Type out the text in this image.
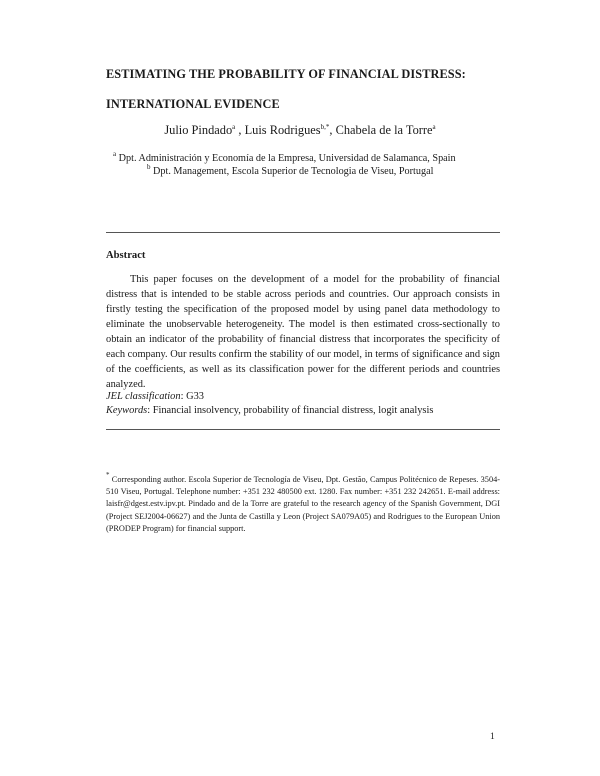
ESTIMATING THE PROBABILITY OF FINANCIAL DISTRESS:
INTERNATIONAL EVIDENCE
Julio Pindado$^a$ , Luis Rodrigues$^{b,*}$, Chabela de la Torre$^a$
$^a$ Dpt. Administración y Economía de la Empresa, Universidad de Salamanca, Spain
$^b$ Dpt. Management, Escola Superior de Tecnologia de Viseu, Portugal
Abstract
This paper focuses on the development of a model for the probability of financial distress that is intended to be stable across periods and countries. Our approach consists in firstly testing the specification of the proposed model by using panel data methodology to eliminate the unobservable heterogeneity. The model is then estimated cross-sectionally to obtain an indicator of the probability of financial distress that incorporates the specificity of each company. Our results confirm the stability of our model, in terms of significance and sign of the coefficients, as well as its classification power for the different periods and countries analyzed.
JEL classification: G33
Keywords: Financial insolvency, probability of financial distress, logit analysis
* Corresponding author. Escola Superior de Tecnología de Viseu, Dpt. Gestão, Campus Politécnico de Repeses. 3504-510 Viseu, Portugal. Telephone number: +351 232 480500 ext. 1280. Fax number: +351 232 242651. E-mail address: laisfr@dgest.estv.ipv.pt. Pindado and de la Torre are grateful to the research agency of the Spanish Government, DGI (Project SEJ2004-06627) and the Junta de Castilla y Leon (Project SA079A05) and Rodrigues to the European Union (PRODEP Program) for financial support.
1
